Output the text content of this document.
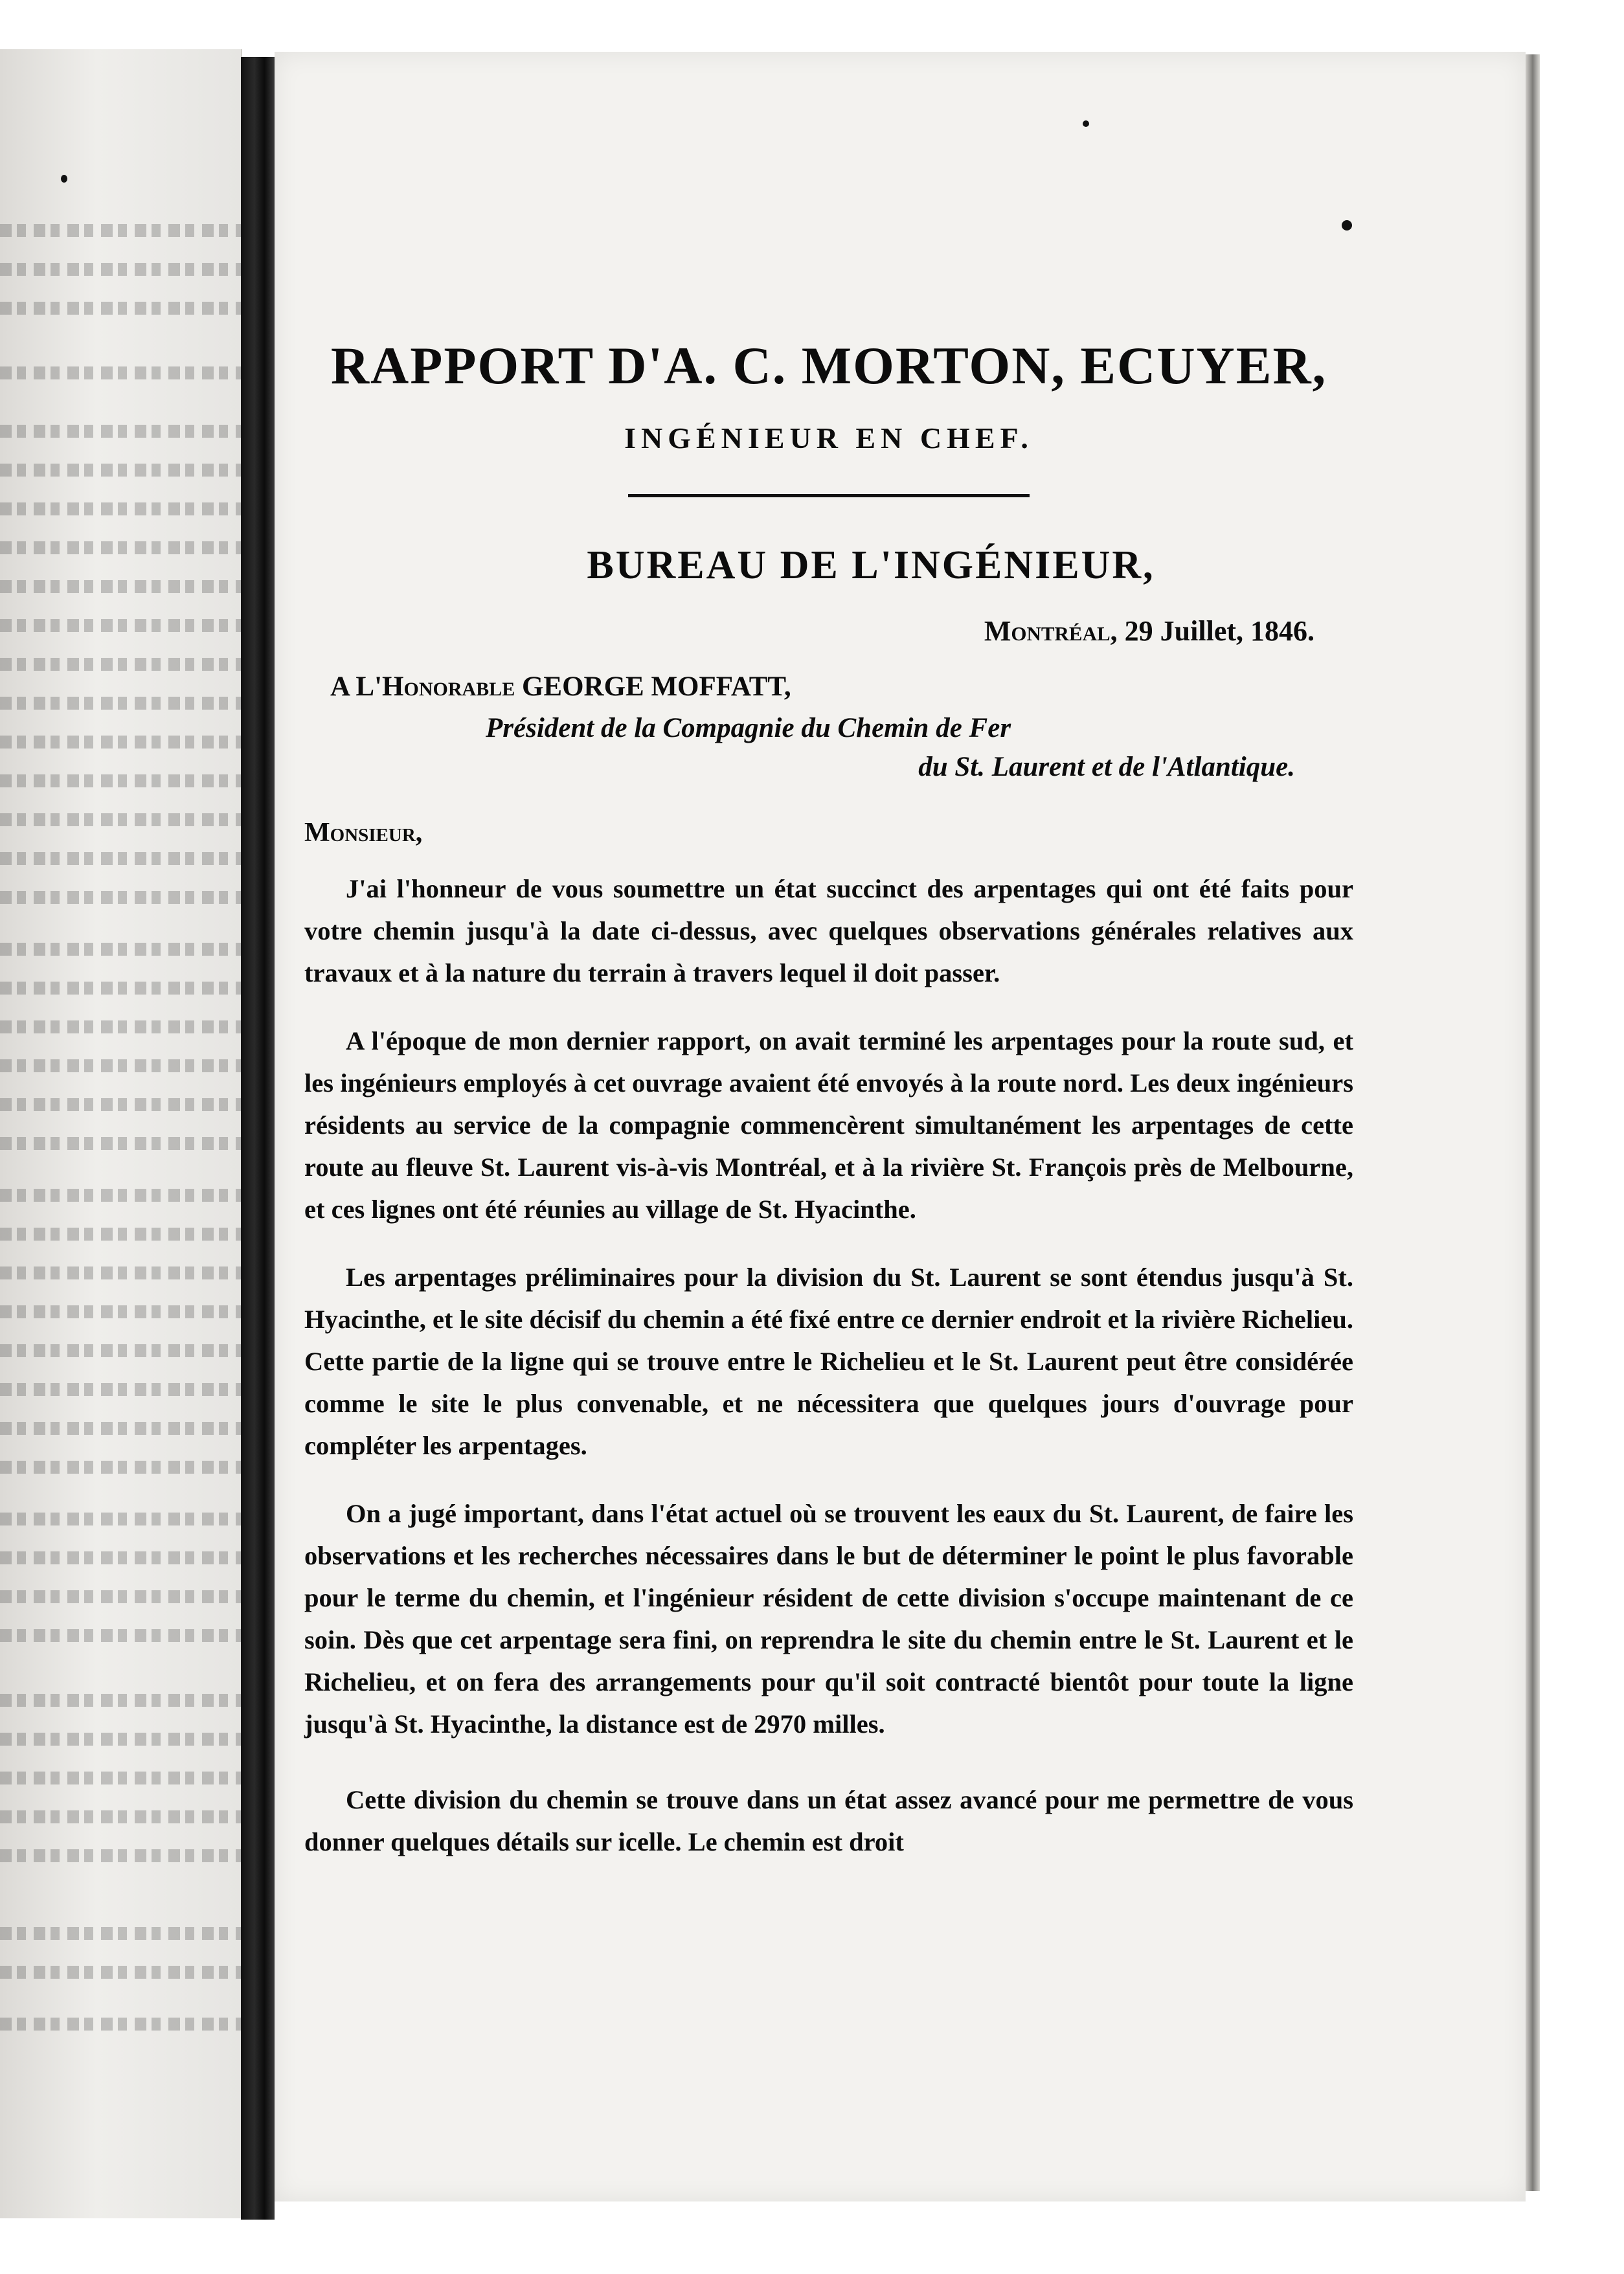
RAPPORT D'A. C. MORTON, ECUYER,
INGÉNIEUR EN CHEF.
BUREAU DE L'INGÉNIEUR,
Montréal, 29 Juillet, 1846.
A L'Honorable GEORGE MOFFATT,
Président de la Compagnie du Chemin de Fer
du St. Laurent et de l'Atlantique.
Monsieur,

J'ai l'honneur de vous soumettre un état succinct des arpentages qui ont été faits pour votre chemin jusqu'à la date ci-dessus, avec quelques observations générales relatives aux travaux et à la nature du terrain à travers lequel il doit passer.

A l'époque de mon dernier rapport, on avait terminé les arpentages pour la route sud, et les ingénieurs employés à cet ouvrage avaient été envoyés à la route nord. Les deux ingénieurs résidents au service de la compagnie commencèrent simultanément les arpentages de cette route au fleuve St. Laurent vis-à-vis Montréal, et à la rivière St. François près de Melbourne, et ces lignes ont été réunies au village de St. Hyacinthe.

Les arpentages préliminaires pour la division du St. Laurent se sont étendus jusqu'à St. Hyacinthe, et le site décisif du chemin a été fixé entre ce dernier endroit et la rivière Richelieu. Cette partie de la ligne qui se trouve entre le Richelieu et le St. Laurent peut être considérée comme le site le plus convenable, et ne nécessitera que quelques jours d'ouvrage pour compléter les arpentages.

On a jugé important, dans l'état actuel où se trouvent les eaux du St. Laurent, de faire les observations et les recherches nécessaires dans le but de déterminer le point le plus favorable pour le terme du chemin, et l'ingénieur résident de cette division s'occupe maintenant de ce soin. Dès que cet arpentage sera fini, on reprendra le site du chemin entre le St. Laurent et le Richelieu, et on fera des arrangements pour qu'il soit contracté bientôt pour toute la ligne jusqu'à St. Hyacinthe, la distance est de 2970 milles.

Cette division du chemin se trouve dans un état assez avancé pour me permettre de vous donner quelques détails sur icelle. Le chemin est droit
